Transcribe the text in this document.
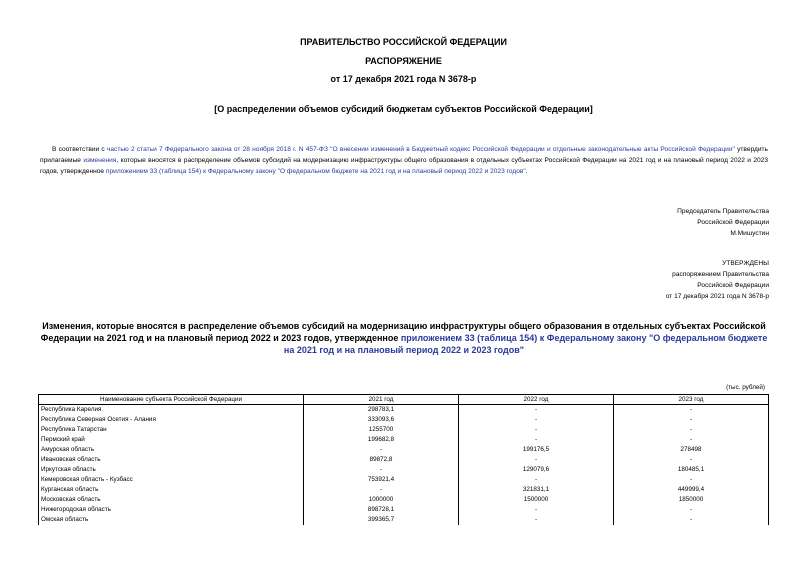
ПРАВИТЕЛЬСТВО РОССИЙСКОЙ ФЕДЕРАЦИИ
РАСПОРЯЖЕНИЕ
от 17 декабря 2021 года N 3678-р
[О распределении объемов субсидий бюджетам субъектов Российской Федерации]
В соответствии с частью 2 статьи 7 Федерального закона от 28 ноября 2018 г. N 457-ФЗ "О внесении изменений в Бюджетный кодекс Российской Федерации и отдельные законодательные акты Российской Федерации" утвердить прилагаемые изменения, которые вносятся в распределение объемов субсидий на модернизацию инфраструктуры общего образования в отдельных субъектах Российской Федерации на 2021 год и на плановый период 2022 и 2023 годов, утвержденное приложением 33 (таблица 154) к Федеральному закону "О федеральном бюджете на 2021 год и на плановый период 2022 и 2023 годов".
Председатель Правительства
Российской Федерации
М.Мишустин
УТВЕРЖДЕНЫ
распоряжением Правительства
Российской Федерации
от 17 декабря 2021 года N 3678-р
Изменения, которые вносятся в распределение объемов субсидий на модернизацию инфраструктуры общего образования в отдельных субъектах Российской Федерации на 2021 год и на плановый период 2022 и 2023 годов, утвержденное приложением 33 (таблица 154) к Федеральному закону "О федеральном бюджете на 2021 год и на плановый период 2022 и 2023 годов"
(тыс. рублей)
Наименование субъекта Российской Федерации	2021 год	2022 год	2023 год
Республика Карелия	298783,1	-	-
Республика Северная Осетия - Алания	333093,6	-	-
Республика Татарстан	1255700	-	-
Пермский край	199682,8	-	-
Амурская область	-	199176,5	278498
Ивановская область	89872,8	-	-
Иркутская область	-	129079,6	180485,1
Кемеровская область - Кузбасс	753921,4	-	-
Курганская область	-	321831,1	449999,4
Московская область	1000000	1500000	1850000
Нижегородская область	898728,1	-	-
Омская область	399365,7	-	-
